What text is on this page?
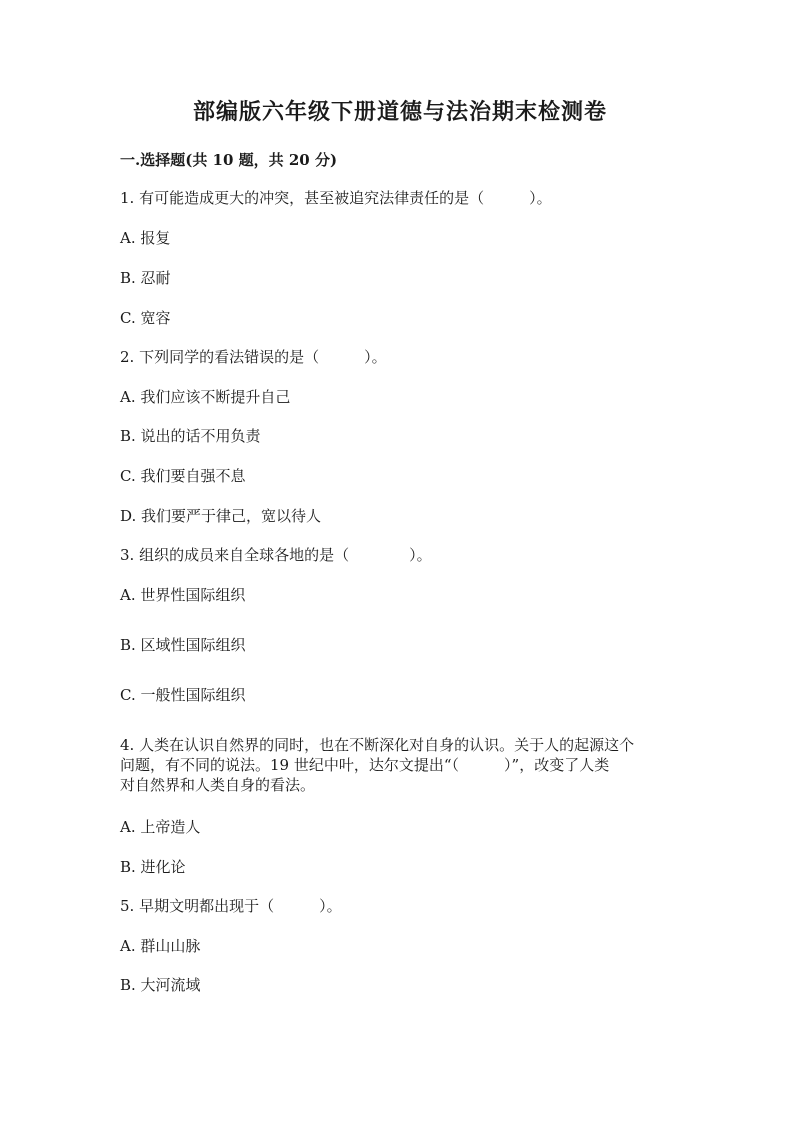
部编版六年级下册道德与法治期末检测卷
一.选择题(共 10 题，共 20 分)
1. 有可能造成更大的冲突，甚至被追究法律责任的是（　　　）。
A. 报复
B. 忍耐
C. 宽容
2. 下列同学的看法错误的是（　　　）。
A. 我们应该不断提升自己
B. 说出的话不用负责
C. 我们要自强不息
D. 我们要严于律己，宽以待人
3. 组织的成员来自全球各地的是（　　　　）。
A. 世界性国际组织
B. 区域性国际组织
C. 一般性国际组织
4. 人类在认识自然界的同时，也在不断深化对自身的认识。关于人的起源这个
问题，有不同的说法。19 世纪中叶，达尔文提出“（　　　）”，改变了人类
对自然界和人类自身的看法。
A. 上帝造人
B. 进化论
5. 早期文明都出现于（　　　）。
A. 群山山脉
B. 大河流域
